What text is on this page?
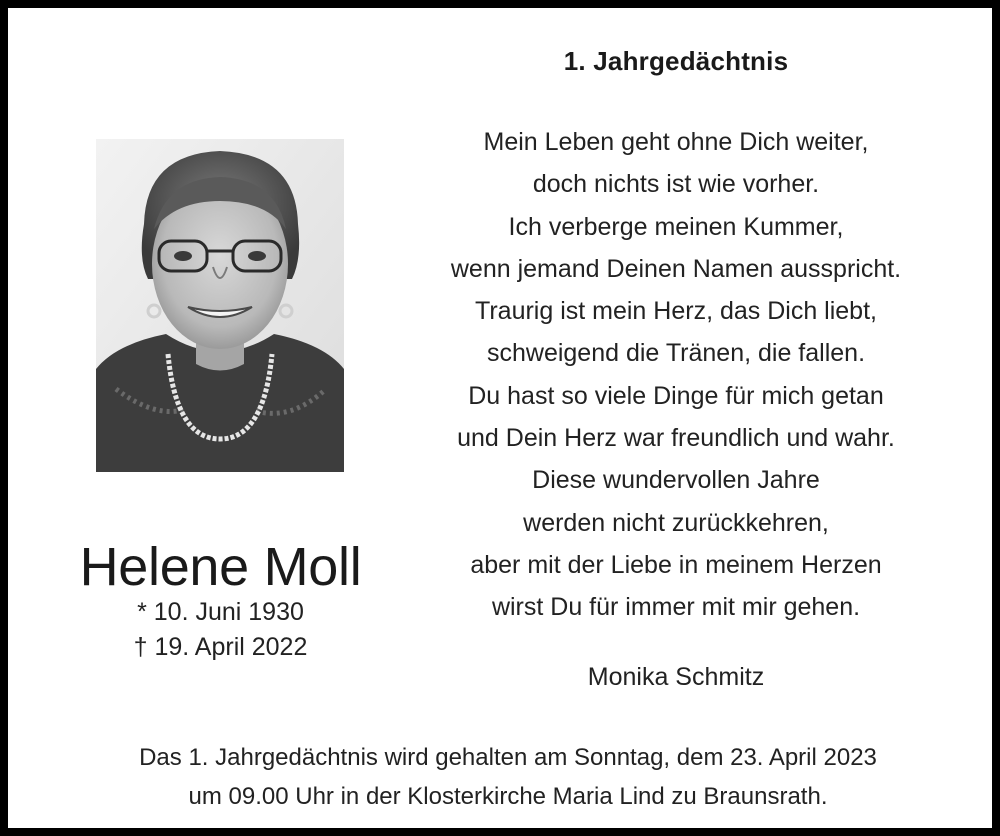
1. Jahrgedächtnis
Mein Leben geht ohne Dich weiter,
doch nichts ist wie vorher.
Ich verberge meinen Kummer,
wenn jemand Deinen Namen ausspricht.
Traurig ist mein Herz, das Dich liebt,
schweigend die Tränen, die fallen.
Du hast so viele Dinge für mich getan
und Dein Herz war freundlich und wahr.
Diese wundervollen Jahre
werden nicht zurückkehren,
aber mit der Liebe in meinem Herzen
wirst Du für immer mit mir gehen.
Monika Schmitz
Helene Moll
* 10. Juni 1930
† 19. April 2022
Das 1. Jahrgedächtnis wird gehalten am Sonntag, dem 23. April 2023
um 09.00 Uhr in der Klosterkirche Maria Lind zu Braunsrath.
